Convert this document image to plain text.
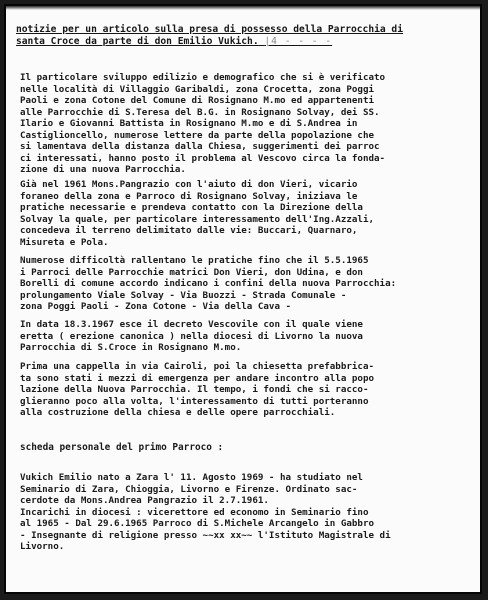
notizie per un articolo sulla presa di possesso della Parrocchia di
santa Croce da parte di don Emilio Vukich. |4 - - - -
Il particolare sviluppo edilizio e demografico che si è verificato
nelle località di Villaggio Garibaldi, zona Crocetta, zona Poggi
Paoli e zona Cotone del Comune di Rosignano M.mo ed appartenenti
alle Parrocchie di S.Teresa del B.G. in Rosignano Solvay, dei SS.
Ilario e Giovanni Battista in Rosignano M.mo e di S.Andrea in
Castiglioncello, numerose lettere da parte della popolazione che
si lamentava della distanza dalla Chiesa, suggerimenti dei parroc
ci interessati, hanno posto il problema al Vescovo circa la fonda-
zione di una nuova Parrocchia.
Già nel 1961 Mons.Pangrazio con l'aiuto di don Vieri, vicario
foraneo della zona e Parroco di Rosignano Solvay, iniziava le
pratiche necessarie e prendeva contatto con la Direzione della
Solvay la quale, per particolare interessamento dell'Ing.Azzali,
concedeva il terreno delimitato dalle vie: Buccari, Quarnaro,
Misureta e Pola.
Numerose difficoltà rallentano le pratiche fino che il 5.5.1965
i Parroci delle Parrocchie matrici Don Vieri, don Udina, e don
Borelli di comune accordo indicano i confini della nuova Parrocchia:
prolungamento Viale Solvay - Via Buozzi - Strada Comunale -
zona Poggi Paoli - Zona Cotone - Via della Cava -
In data 18.3.1967 esce il decreto Vescovile con il quale viene
eretta ( erezione canonica ) nella diocesi di Livorno la nuova
Parrocchia di S.Croce in Rosignano M.mo.
Prima una cappella in via Cairoli, poi la chiesetta prefabbrica-
ta sono stati i mezzi di emergenza per andare incontro alla popo
lazione della Nuova Parrocchia. Il tempo, i fondi che si racco-
glieranno poco alla volta, l'interessamento di tutti porteranno
alla costruzione della chiesa e delle opere parrocchiali.
scheda personale del primo Parroco :
Vukich Emilio nato a Zara l' 11. Agosto 1969 - ha studiato nel
Seminario di Zara, Chioggia, Livorno e Firenze. Ordinato sac-
cerdote da Mons.Andrea Pangrazio il 2.7.1961.
Incarichi in diocesi : vicerettore ed economo in Seminario fino
al 1965 - Dal 29.6.1965 Parroco di S.Michele Arcangelo in Gabbro
- Insegnante di religione presso ~~xx xx~~ l'Istituto Magistrale di
Livorno.
